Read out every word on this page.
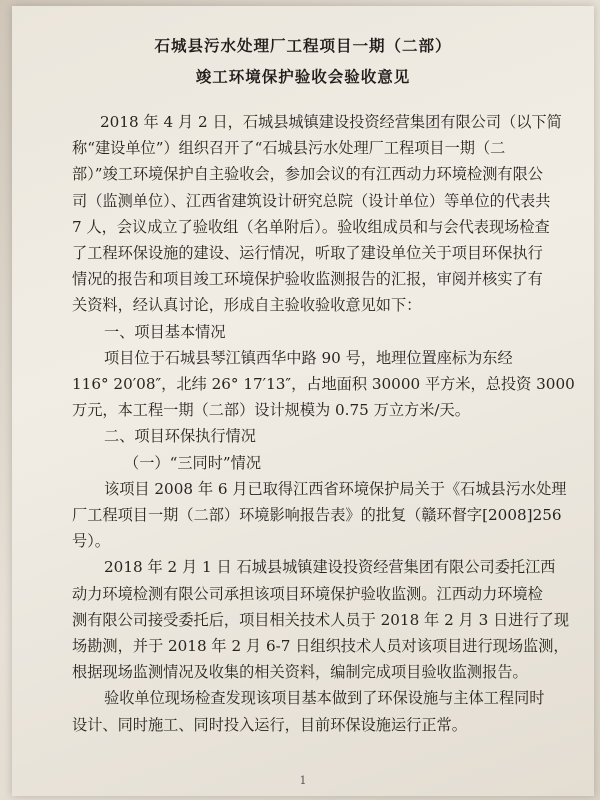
石城县污水处理厂工程项目一期（二部）
竣工环境保护验收会验收意见
2018 年 4 月 2 日，石城县城镇建设投资经营集团有限公司（以下简
称“建设单位”）组织召开了“石城县污水处理厂工程项目一期（二
部）”竣工环境保护自主验收会，参加会议的有江西动力环境检测有限公
司（监测单位）、江西省建筑设计研究总院（设计单位）等单位的代表共
7 人，会议成立了验收组（名单附后）。验收组成员和与会代表现场检查
了工程环保设施的建设、运行情况，听取了建设单位关于项目环保执行
情况的报告和项目竣工环境保护验收监测报告的汇报，审阅并核实了有
关资料，经认真讨论，形成自主验收验收意见如下：
一、项目基本情况
项目位于石城县琴江镇西华中路 90 号，地理位置座标为东经
116° 20′08″，北纬 26° 17′13″，占地面积 30000 平方米，总投资 3000
万元，本工程一期（二部）设计规模为 0.75 万立方米/天。
二、项目环保执行情况
（一）“三同时”情况
该项目 2008 年 6 月已取得江西省环境保护局关于《石城县污水处理
厂工程项目一期（二部）环境影响报告表》的批复（赣环督字[2008]256
号）。
2018 年 2 月 1 日 石城县城镇建设投资经营集团有限公司委托江西
动力环境检测有限公司承担该项目环境保护验收监测。江西动力环境检
测有限公司接受委托后，项目相关技术人员于 2018 年 2 月 3 日进行了现
场勘测，并于 2018 年 2 月 6-7 日组织技术人员对该项目进行现场监测，
根据现场监测情况及收集的相关资料，编制完成项目验收监测报告。
验收单位现场检查发现该项目基本做到了环保设施与主体工程同时
设计、同时施工、同时投入运行，目前环保设施运行正常。
1
